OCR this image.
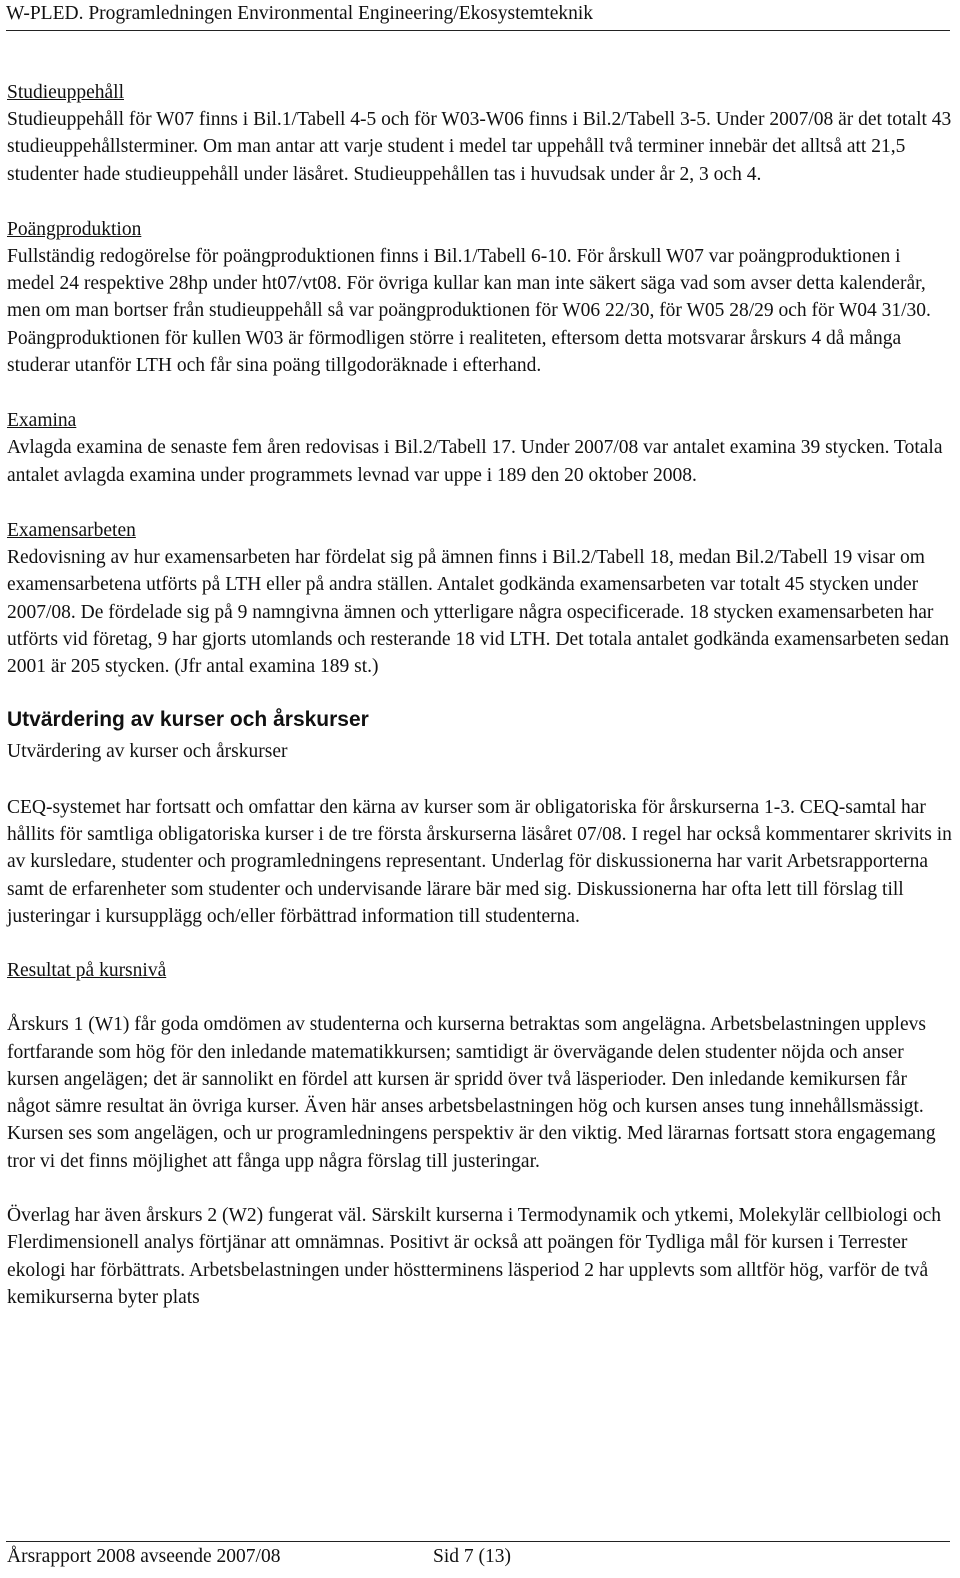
W-PLED. Programledningen Environmental Engineering/Ekosystemteknik
Studieuppehåll

Studieuppehåll för W07 finns i Bil.1/Tabell 4-5 och för W03-W06 finns i Bil.2/Tabell 3-5. Under 2007/08 är det totalt 43 studieuppehållsterminer. Om man antar att varje student i medel tar uppehåll två terminer innebär det alltså att 21,5 studenter hade studieuppehåll under läsåret. Studieuppehållen tas i huvudsak under år 2, 3 och 4.

Poängproduktion

Fullständig redogörelse för poängproduktionen finns i Bil.1/Tabell 6-10. För årskull W07 var poängproduktionen i medel 24 respektive 28hp under ht07/vt08. För övriga kullar kan man inte säkert säga vad som avser detta kalenderår, men om man bortser från studieuppehåll så var poängproduktionen för W06 22/30, för W05 28/29 och för W04 31/30. Poängproduktionen för kullen W03 är förmodligen större i realiteten, eftersom detta motsvarar årskurs 4 då många studerar utanför LTH och får sina poäng tillgodoräknade i efterhand.

Examina

Avlagda examina de senaste fem åren redovisas i Bil.2/Tabell 17. Under 2007/08 var antalet examina 39 stycken. Totala antalet avlagda examina under programmets levnad var uppe i 189 den 20 oktober 2008.

Examensarbeten

Redovisning av hur examensarbeten har fördelat sig på ämnen finns i Bil.2/Tabell 18, medan Bil.2/Tabell 19 visar om examensarbetena utförts på LTH eller på andra ställen. Antalet godkända examensarbeten var totalt 45 stycken under 2007/08. De fördelade sig på 9 namngivna ämnen och ytterligare några ospecificerade. 18 stycken examensarbeten har utförts vid företag, 9 har gjorts utomlands och resterande 18 vid LTH. Det totala antalet godkända examensarbeten sedan 2001 är 205 stycken. (Jfr antal examina 189 st.)

Utvärdering av kurser och årskurser
Utvärdering av kurser och årskurser

CEQ-systemet har fortsatt och omfattar den kärna av kurser som är obligatoriska för årskurserna 1-3. CEQ-samtal har hållits för samtliga obligatoriska kurser i de tre första årskurserna läsåret 07/08. I regel har också kommentarer skrivits in av kursledare, studenter och programledningens representant. Underlag för diskussionerna har varit Arbetsrapporterna samt de erfarenheter som studenter och undervisande lärare bär med sig. Diskussionerna har ofta lett till förslag till justeringar i kursupplägg och/eller förbättrad information till studenterna.

Resultat på kursnivå

Årskurs 1 (W1) får goda omdömen av studenterna och kurserna betraktas som angelägna. Arbetsbelastningen upplevs fortfarande som hög för den inledande matematikkursen; samtidigt är övervägande delen studenter nöjda och anser kursen angelägen; det är sannolikt en fördel att kursen är spridd över två läsperioder. Den inledande kemikursen får något sämre resultat än övriga kurser. Även här anses arbetsbelastningen hög och kursen anses tung innehållsmässigt. Kursen ses som angelägen, och ur programledningens perspektiv är den viktig. Med lärarnas fortsatt stora engagemang tror vi det finns möjlighet att fånga upp några förslag till justeringar.

Överlag har även årskurs 2 (W2) fungerat väl. Särskilt kurserna i Termodynamik och ytkemi, Molekylär cellbiologi och Flerdimensionell analys förtjänar att omnämnas. Positivt är också att poängen för Tydliga mål för kursen i Terrester ekologi har förbättrats. Arbetsbelastningen under höstterminens läsperiod 2 har upplevts som alltför hög, varför de två kemikurserna byter plats

Årsrapport 2008 avseende 2007/08	Sid 7 (13)
